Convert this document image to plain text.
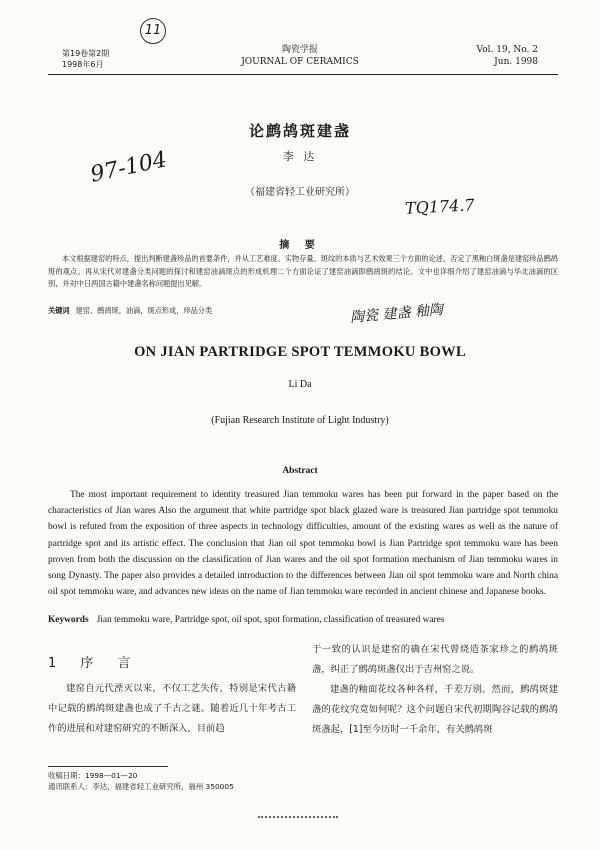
第19卷第2期
1998年6月
陶瓷学报
JOURNAL OF CERAMICS
Vol. 19, No. 2
Jun. 1998
11
97-104
TQ174.7
陶瓷 建盏 釉陶
论鹧鸪斑建盏
李 达
（福建省轻工业研究所）
摘 要
本文根据建窑的特点，提出判断建盏珍品的首要条件，并从工艺难度、实物存量、斑纹的本质与艺术效果三个方面的论述，否定了黑釉白斑盏是建窑珍品鹧鸪斑的观点。再从宋代对建盏分类问题的探讨和建窑油滴斑点的形成机理二个方面论证了建窑油滴即鹧鸪斑的结论。文中也详细介绍了建窑油滴与华北油滴的区别，并对中日两国古籍中建盏名称问题提出见解。
关键词 建窑，鹧鸪斑，油滴，斑点形成，珍品分类
ON JIAN PARTRIDGE SPOT TEMMOKU BOWL
Li Da
(Fujian Research Institute of Light Industry)
Abstract
The most important requirement to identity treasured Jian temmoku wares has been put forward in the paper based on the characteristics of Jian wares Also the argument that white partridge spot black glazed ware is treasured Jian partridge spot temmoku bowl is refuted from the exposition of three aspects in technology difficulties, amount of the existing wares as well as the nature of partridge spot and its artistic effect. The conclusion that Jian oil spot temmoku bowl is Jian Partridge spot temmoku ware has been proven from both the discussion on the classification of Jian wares and the oil spot formation mechanism of Jian temmoku wares in song Dynasty. The paper also provides a detailed introduction to the differences between Jian oil spot temmoku ware and North china oil spot temmoku ware, and advances new ideas on the name of Jian temmoku ware recorded in ancient chinese and Japanese books.
Keywords Jian temmoku ware, Partridge spot, oil spot, spot formation, classification of treasured wares
1 序 言

建窑自元代湮灭以来，不仅工艺失传，特别是宋代古籍中记载的鹧鸪斑建盏也成了千古之谜。随着近几十年考古工作的进展和对建窑研究的不断深入，目前趋

于一致的认识是建窑的确在宋代曾烧造茶家珍之的鹧鸪斑盏，纠正了鹧鸪斑盏仅出于吉州窑之说。

建盏的釉面花纹各种各样，千差万别。然而，鹧鸪斑建盏的花纹究竟如何呢？这个问题自宋代初期陶谷记载的鹧鸪斑盏起，[1]至今历时一千余年，有关鹧鸪斑

收稿日期：1998—01—20
通讯联系人：李达，福建省轻工业研究所，福州 350005
